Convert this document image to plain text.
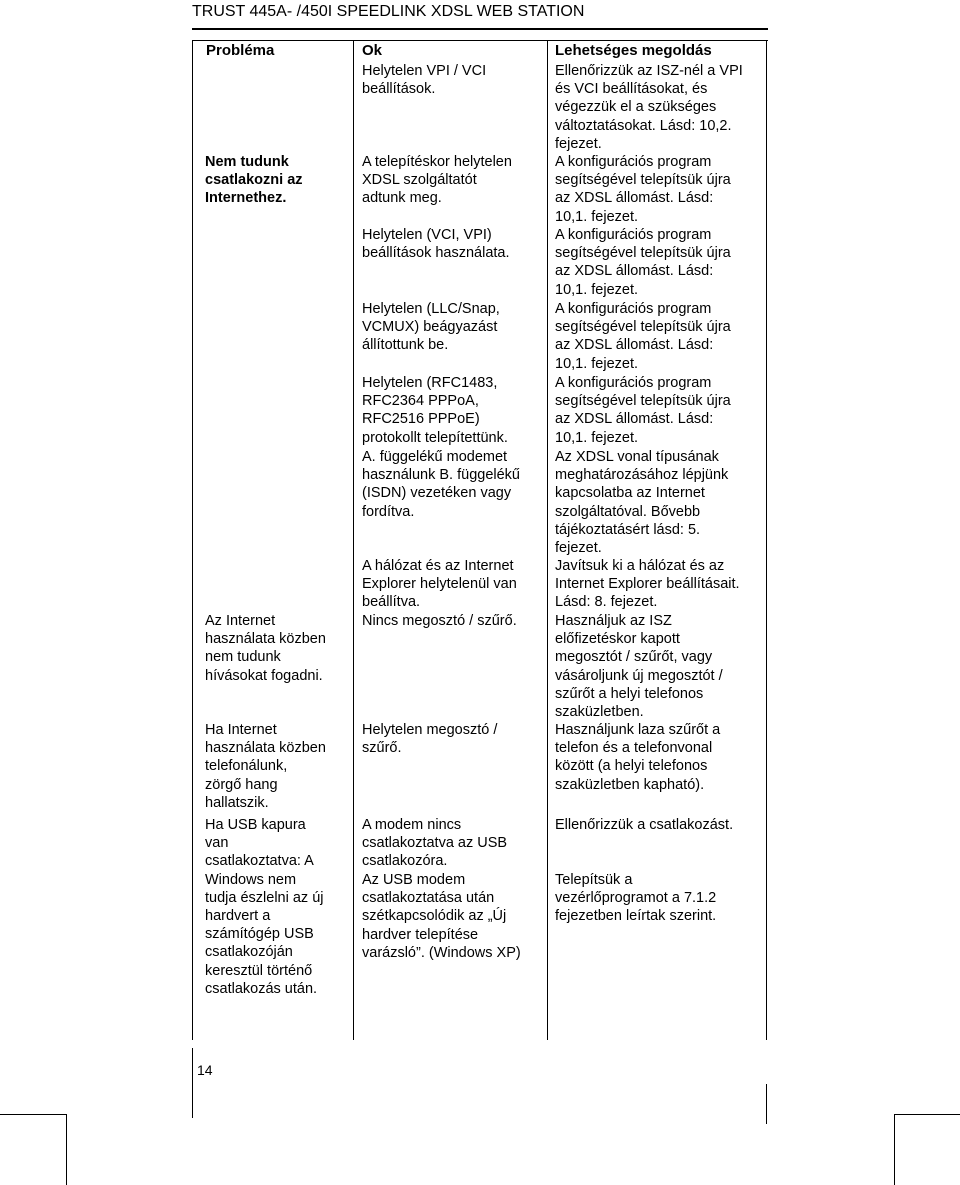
TRUST 445A- /450I SPEEDLINK XDSL WEB STATION
Probléma	Ok	Lehetséges megoldás
Nem tudunk
csatlakozni az
Internethez.
Az Internet
használata közben
nem tudunk
hívásokat fogadni.
Ha Internet
használata közben
telefonálunk,
zörgő hang
hallatszik.
Ha USB kapura
van
csatlakoztatva: A
Windows nem
tudja észlelni az új
hardvert a
számítógép USB
csatlakozóján
keresztül történő
csatlakozás után.
Helytelen VPI / VCI
beállítások.
A telepítéskor helytelen
XDSL szolgáltatót
adtunk meg.
Helytelen (VCI, VPI)
beállítások használata.
Helytelen (LLC/Snap,
VCMUX) beágyazást
állítottunk be.
Helytelen (RFC1483,
RFC2364 PPPoA,
RFC2516 PPPoE)
protokollt telepítettünk.
A. függelékű modemet
használunk B. függelékű
(ISDN) vezetéken vagy
fordítva.
A hálózat és az Internet
Explorer helytelenül van
beállítva.
Nincs megosztó / szűrő.
Helytelen megosztó /
szűrő.
A modem nincs
csatlakoztatva az USB
csatlakozóra.
Az USB modem
csatlakoztatása után
szétkapcsolódik az „Új
hardver telepítése
varázsló”. (Windows XP)
Ellenőrizzük az ISZ-nél a VPI
és VCI beállításokat, és
végezzük el a szükséges
változtatásokat. Lásd: 10,2.
fejezet.
A konfigurációs program
segítségével telepítsük újra
az XDSL állomást. Lásd:
10,1. fejezet.
A konfigurációs program
segítségével telepítsük újra
az XDSL állomást. Lásd:
10,1. fejezet.
A konfigurációs program
segítségével telepítsük újra
az XDSL állomást. Lásd:
10,1. fejezet.
A konfigurációs program
segítségével telepítsük újra
az XDSL állomást. Lásd:
10,1. fejezet.
Az XDSL vonal típusának
meghatározásához lépjünk
kapcsolatba az Internet
szolgáltatóval. Bővebb
tájékoztatásért lásd: 5.
fejezet.
Javítsuk ki a hálózat és az
Internet Explorer beállításait.
Lásd: 8. fejezet.
Használjuk az ISZ
előfizetéskor kapott
megosztót / szűrőt, vagy
vásároljunk új megosztót /
szűrőt a helyi telefonos
szaküzletben.
Használjunk laza szűrőt a
telefon és a telefonvonal
között (a helyi telefonos
szaküzletben kapható).
Ellenőrizzük a csatlakozást.
Telepítsük a
vezérlőprogramot a 7.1.2
fejezetben leírtak szerint.
14
